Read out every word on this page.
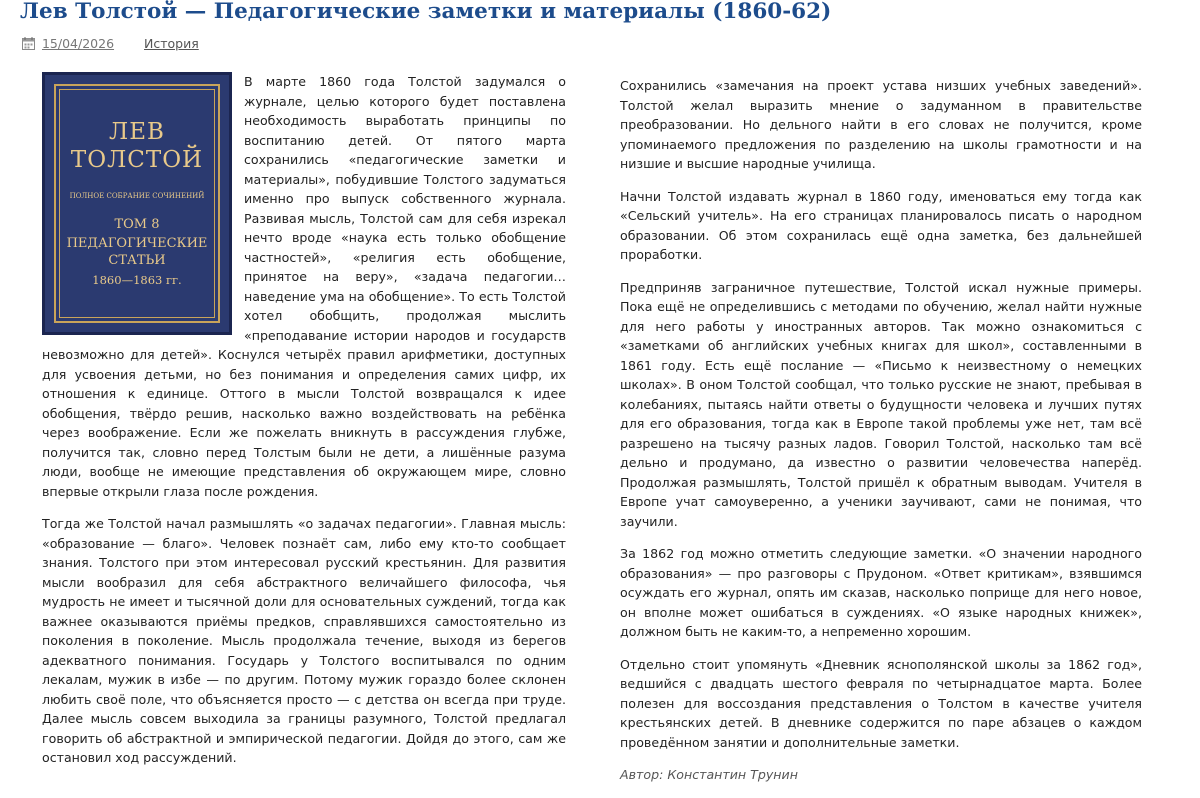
Лев Толстой — Педагогические заметки и материалы (1860-62)
15/04/2026 История
ЛЕВ
ТОЛСТОЙ
ПОЛНОЕ СОБРАНИЕ СОЧИНЕНИЙ
ТОМ 8
ПЕДАГОГИЧЕСКИЕ
СТАТЬИ
1860—1863 гг.

В марте 1860 года Толстой задумался о журнале, целью которого будет поставлена необходимость выработать принципы по воспитанию детей. От пятого марта сохранились «педагогические заметки и материалы», побудившие Толстого задуматься именно про выпуск собственного журнала. Развивая мысль, Толстой сам для себя изрекал нечто вроде «наука есть только обобщение частностей», «религия есть обобщение, принятое на веру», «задача педагогии… наведение ума на обобщение». То есть Толстой хотел обобщить, продолжая мыслить «преподавание истории народов и государств невозможно для детей». Коснулся четырёх правил арифметики, доступных для усвоения детьми, но без понимания и определения самих цифр, их отношения к единице. Оттого в мысли Толстой возвращался к идее обобщения, твёрдо решив, насколько важно воздействовать на ребёнка через воображение. Если же пожелать вникнуть в рассуждения глубже, получится так, словно перед Толстым были не дети, а лишённые разума люди, вообще не имеющие представления об окружающем мире, словно впервые открыли глаза после рождения.

Тогда же Толстой начал размышлять «о задачах педагогии». Главная мысль: «образование — благо». Человек познаёт сам, либо ему кто-то сообщает знания. Толстого при этом интересовал русский крестьянин. Для развития мысли вообразил для себя абстрактного величайшего философа, чья мудрость не имеет и тысячной доли для основательных суждений, тогда как важнее оказываются приёмы предков, справлявшихся самостоятельно из поколения в поколение. Мысль продолжала течение, выходя из берегов адекватного понимания. Государь у Толстого воспитывался по одним лекалам, мужик в избе — по другим. Потому мужик гораздо более склонен любить своё поле, что объясняется просто — с детства он всегда при труде. Далее мысль совсем выходила за границы разумного, Толстой предлагал говорить об абстрактной и эмпирической педагогии. Дойдя до этого, сам же остановил ход рассуждений.

Сохранились «замечания на проект устава низших учебных заведений». Толстой желал выразить мнение о задуманном в правительстве преобразовании. Но дельного найти в его словах не получится, кроме упоминаемого предложения по разделению на школы грамотности и на низшие и высшие народные училища.

Начни Толстой издавать журнал в 1860 году, именоваться ему тогда как «Сельский учитель». На его страницах планировалось писать о народном образовании. Об этом сохранилась ещё одна заметка, без дальнейшей проработки.

Предприняв заграничное путешествие, Толстой искал нужные примеры. Пока ещё не определившись с методами по обучению, желал найти нужные для него работы у иностранных авторов. Так можно ознакомиться с «заметками об английских учебных книгах для школ», составленными в 1861 году. Есть ещё послание — «Письмо к неизвестному о немецких школах». В оном Толстой сообщал, что только русские не знают, пребывая в колебаниях, пытаясь найти ответы о будущности человека и лучших путях для его образования, тогда как в Европе такой проблемы уже нет, там всё разрешено на тысячу разных ладов. Говорил Толстой, насколько там всё дельно и продумано, да известно о развитии человечества наперёд. Продолжая размышлять, Толстой пришёл к обратным выводам. Учителя в Европе учат самоуверенно, а ученики заучивают, сами не понимая, что заучили.

За 1862 год можно отметить следующие заметки. «О значении народного образования» — про разговоры с Прудоном. «Ответ критикам», взявшимся осуждать его журнал, опять им сказав, насколько поприще для него новое, он вполне может ошибаться в суждениях. «О языке народных книжек», должном быть не каким-то, а непременно хорошим.

Отдельно стоит упомянуть «Дневник яснополянской школы за 1862 год», ведшийся с двадцать шестого февраля по четырнадцатое марта. Более полезен для воссоздания представления о Толстом в качестве учителя крестьянских детей. В дневнике содержится по паре абзацев о каждом проведённом занятии и дополнительные заметки.

Автор: Константин Трунин
